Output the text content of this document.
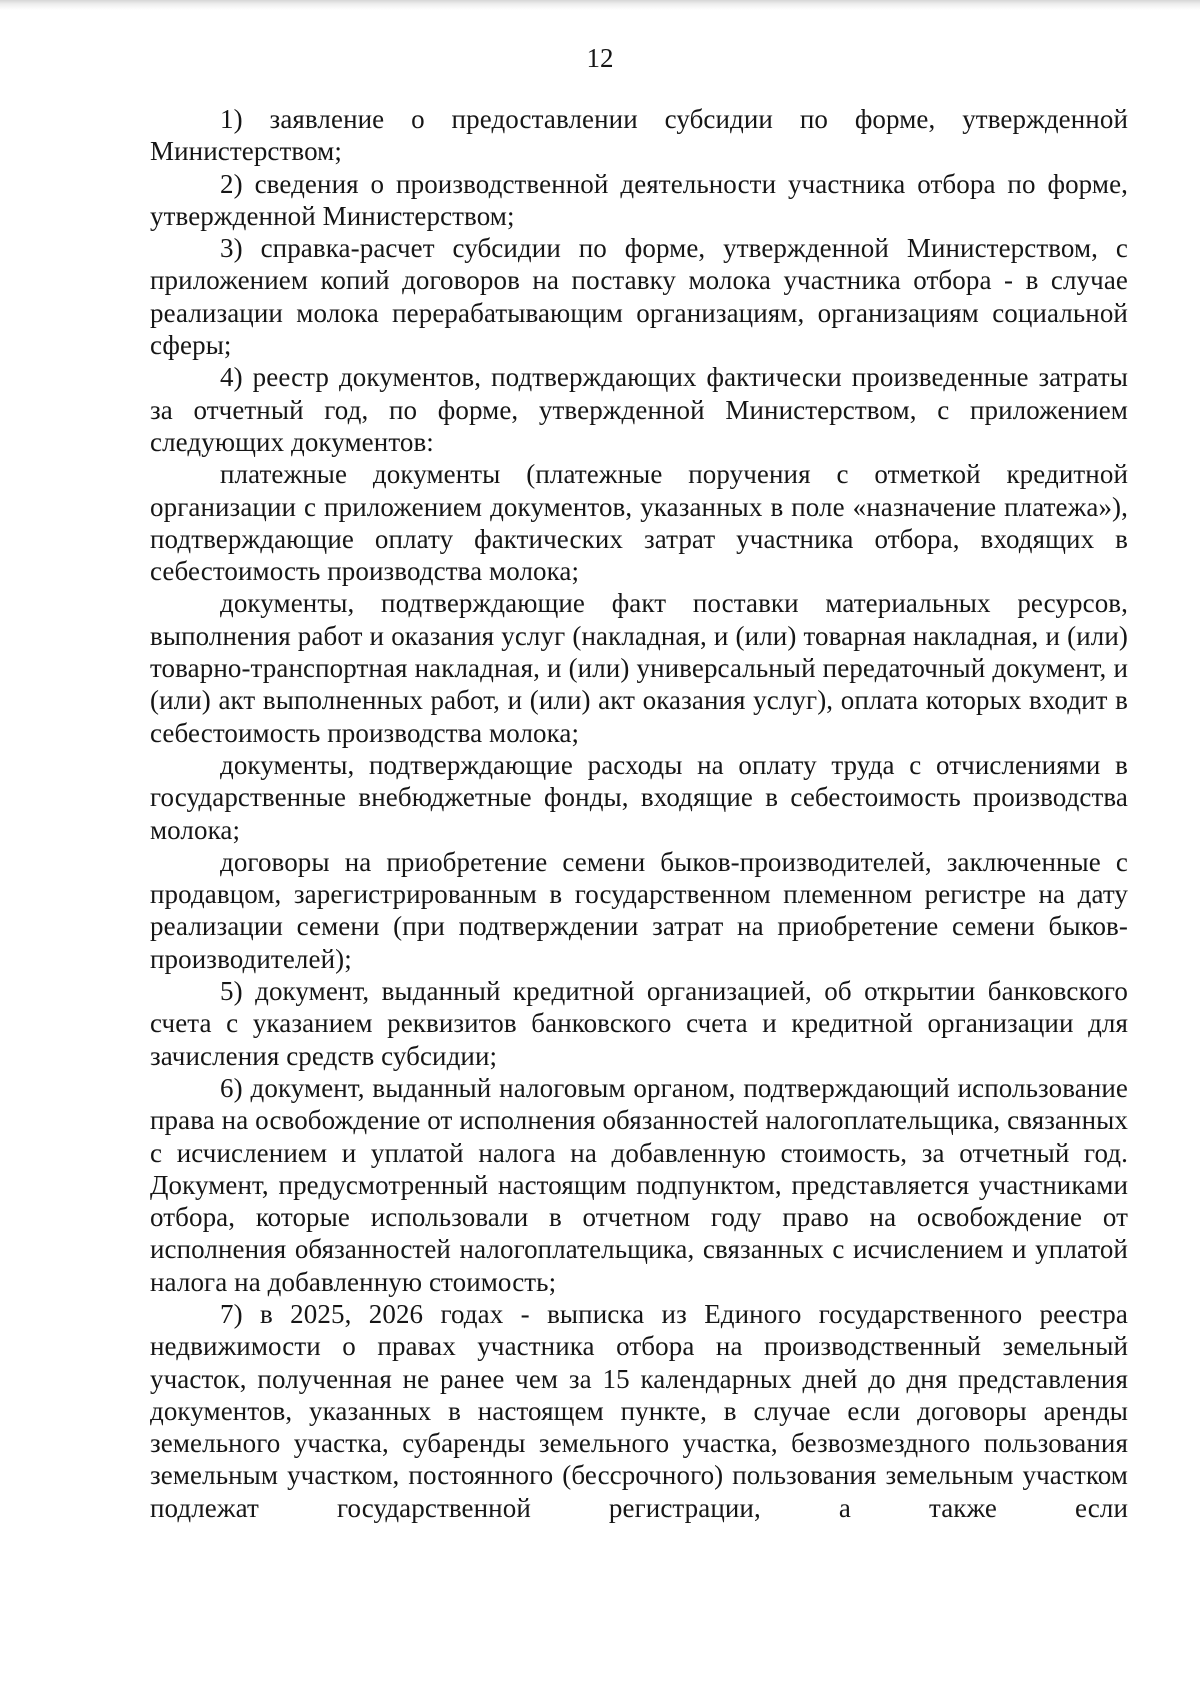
12

1) заявление о предоставлении субсидии по форме, утвержденной Министерством;

2) сведения о производственной деятельности участника отбора по форме, утвержденной Министерством;

3) справка-расчет субсидии по форме, утвержденной Министерством, с приложением копий договоров на поставку молока участника отбора - в случае реализации молока перерабатывающим организациям, организациям социальной сферы;

4) реестр документов, подтверждающих фактически произведенные затраты за отчетный год, по форме, утвержденной Министерством, с приложением следующих документов:

платежные документы (платежные поручения с отметкой кредитной организации с приложением документов, указанных в поле «назначение платежа»), подтверждающие оплату фактических затрат участника отбора, входящих в себестоимость производства молока;

документы, подтверждающие факт поставки материальных ресурсов, выполнения работ и оказания услуг (накладная, и (или) товарная накладная, и (или) товарно-транспортная накладная, и (или) универсальный передаточный документ, и (или) акт выполненных работ, и (или) акт оказания услуг), оплата которых входит в себестоимость производства молока;

документы, подтверждающие расходы на оплату труда с отчислениями в государственные внебюджетные фонды, входящие в себестоимость производства молока;

договоры на приобретение семени быков-производителей, заключенные с продавцом, зарегистрированным в государственном племенном регистре на дату реализации семени (при подтверждении затрат на приобретение семени быков-производителей);

5) документ, выданный кредитной организацией, об открытии банковского счета с указанием реквизитов банковского счета и кредитной организации для зачисления средств субсидии;

6) документ, выданный налоговым органом, подтверждающий использование права на освобождение от исполнения обязанностей налогоплательщика, связанных с исчислением и уплатой налога на добавленную стоимость, за отчетный год. Документ, предусмотренный настоящим подпунктом, представляется участниками отбора, которые использовали в отчетном году право на освобождение от исполнения обязанностей налогоплательщика, связанных с исчислением и уплатой налога на добавленную стоимость;

7) в 2025, 2026 годах - выписка из Единого государственного реестра недвижимости о правах участника отбора на производственный земельный участок, полученная не ранее чем за 15 календарных дней до дня представления документов, указанных в настоящем пункте, в случае если договоры аренды земельного участка, субаренды земельного участка, безвозмездного пользования земельным участком, постоянного (бессрочного) пользования земельным участком подлежат государственной регистрации, а также если
